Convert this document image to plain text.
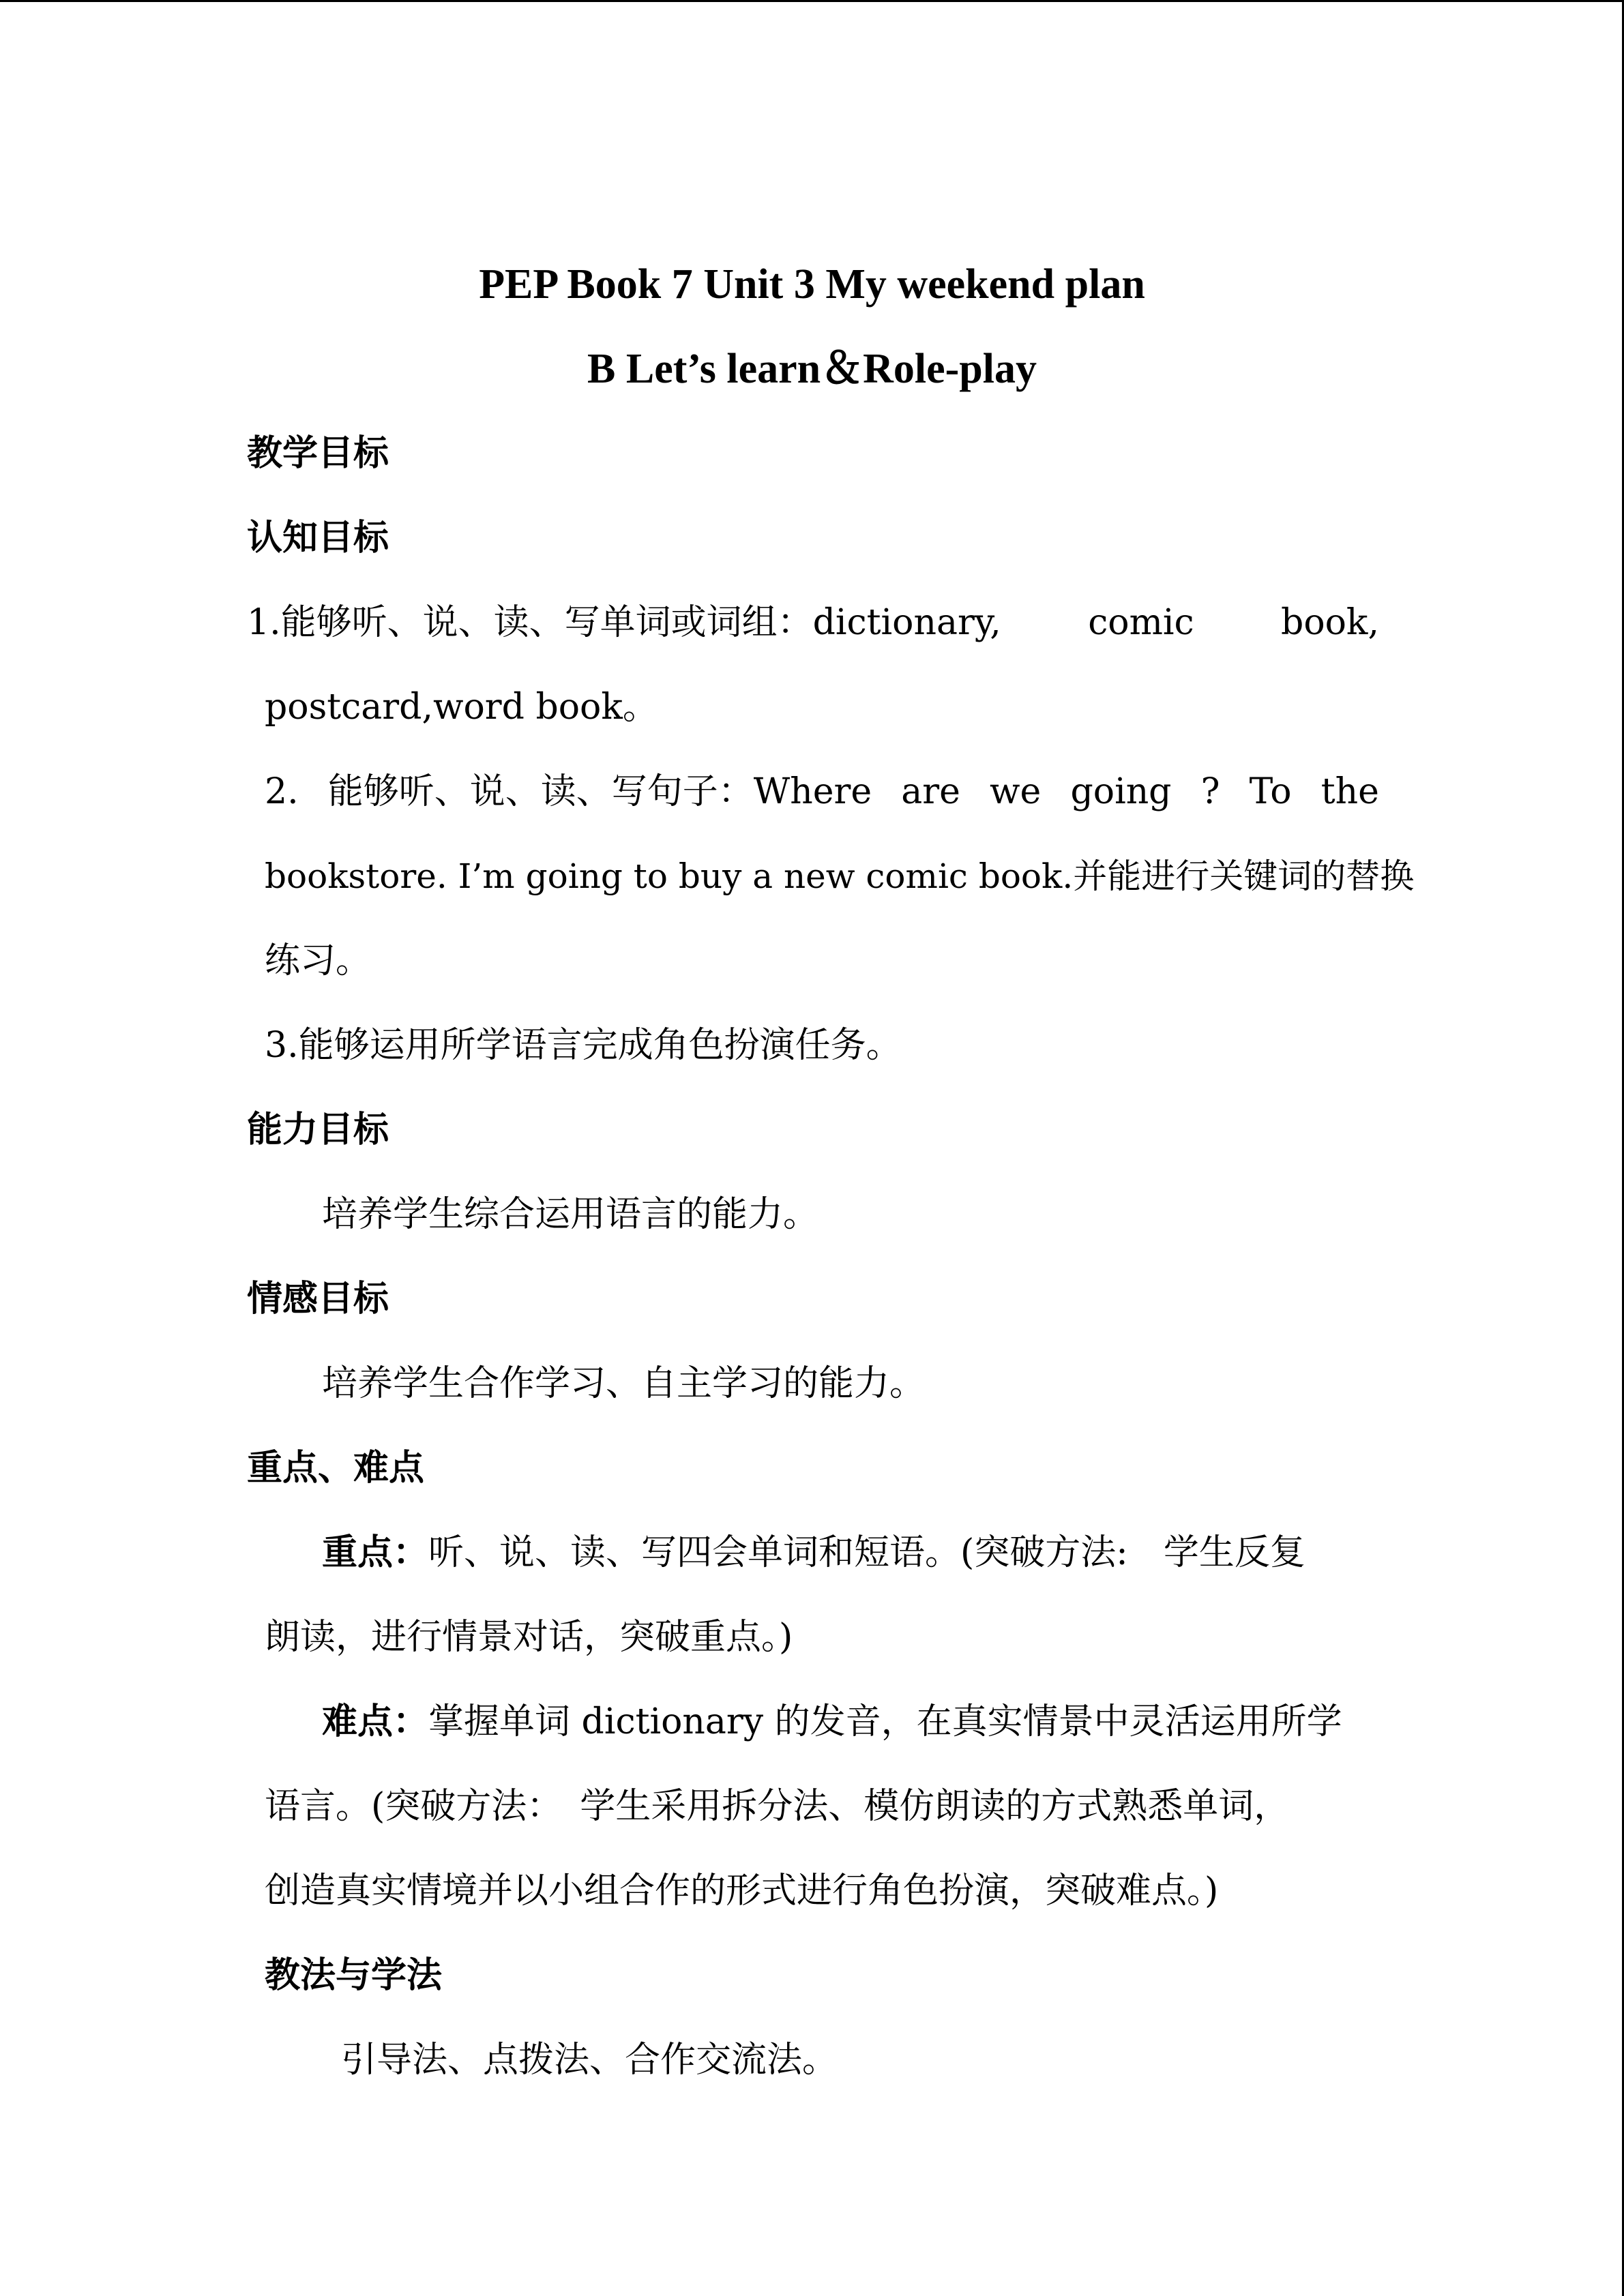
PEP Book 7 Unit 3 My weekend plan
B Let’s learn＆Role-play
教学目标
认知目标
1.能够听、说、读、写单词或词组：dictionary, comic book,
postcard,word book。
2. 能够听、说、读、写句子：Where are we going ? To the
bookstore. I’m going to buy a new comic book.并能进行关键词的替换
练习。
3.能够运用所学语言完成角色扮演任务。
能力目标
培养学生综合运用语言的能力。
情感目标
培养学生合作学习、自主学习的能力。
重点、难点
重点：听、说、读、写四会单词和短语。(突破方法:　学生反复
朗读，进行情景对话，突破重点。)
难点：掌握单词 dictionary 的发音，在真实情景中灵活运用所学
语言。(突破方法：　学生采用拆分法、模仿朗读的方式熟悉单词，
创造真实情境并以小组合作的形式进行角色扮演，突破难点。)
教法与学法
引导法、点拨法、合作交流法。
